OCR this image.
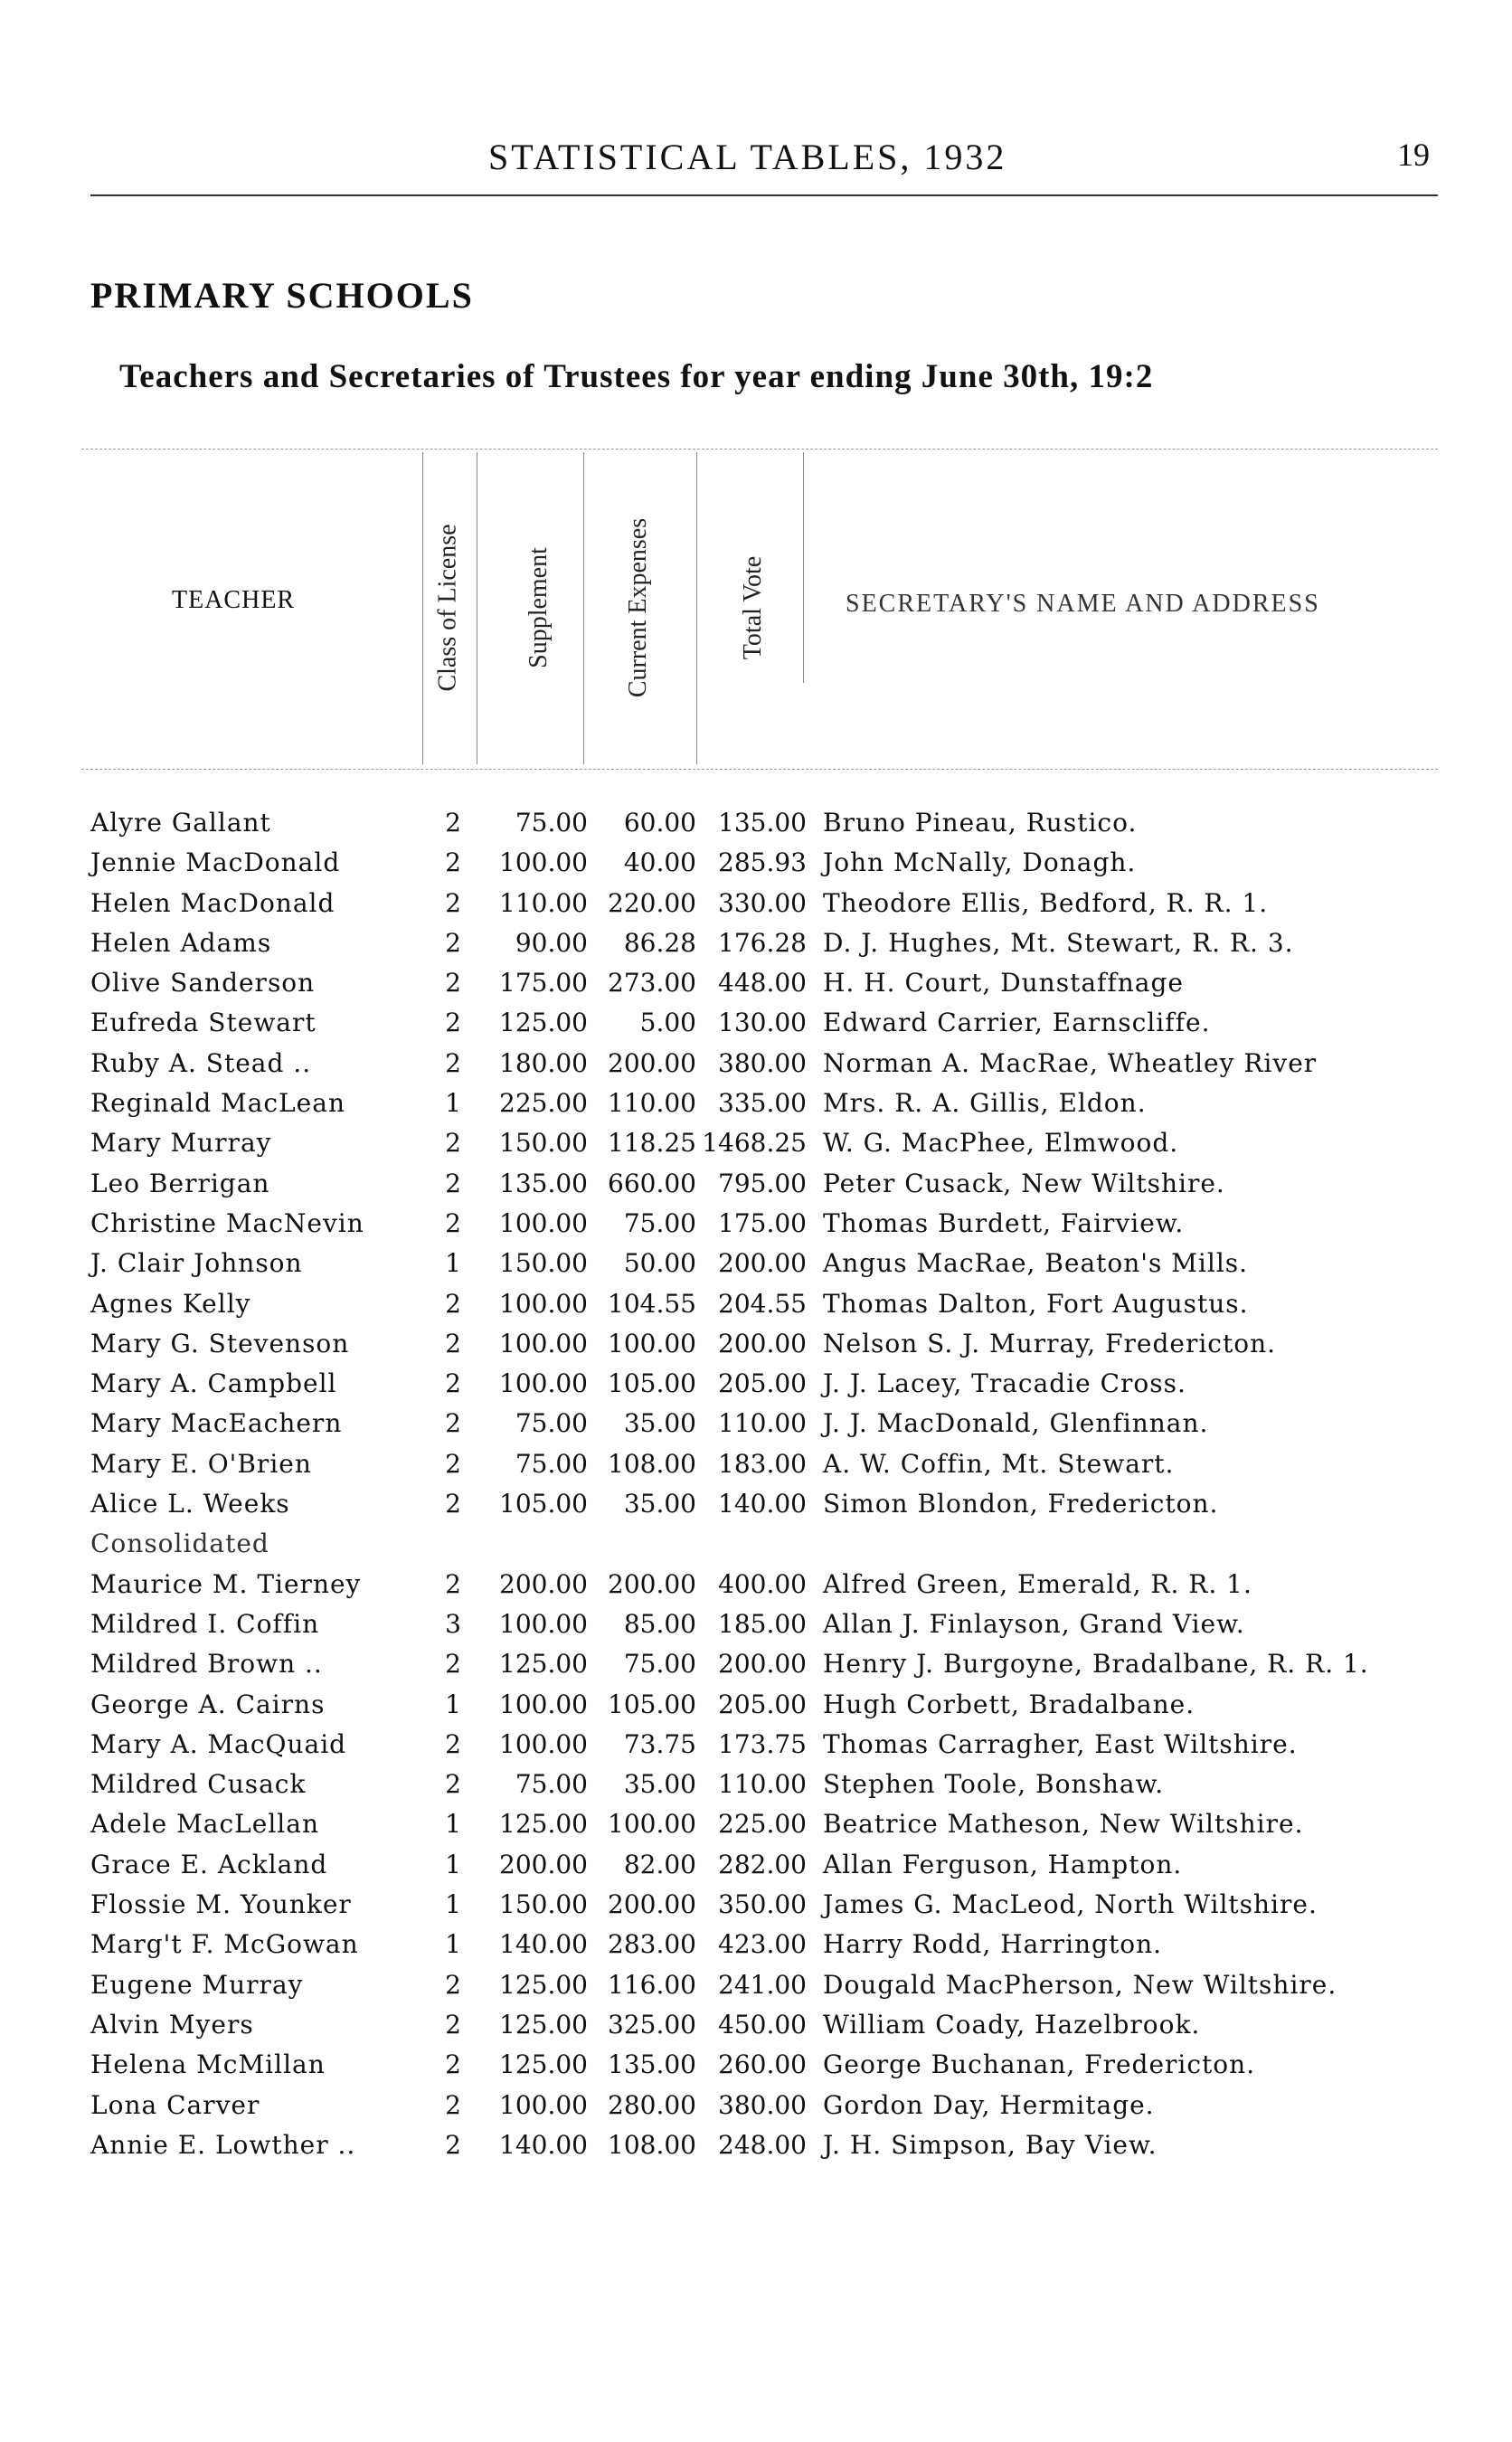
STATISTICAL TABLES, 1932	19
PRIMARY SCHOOLS
Teachers and Secretaries of Trustees for year ending June 30th, 19:2
TEACHER	Class of License Supplement	Current Expenses	Total Vote	SECRETARY'S NAME AND ADDRESS
Alyre Gallant	2	75.00	60.00 135.00 Bruno Pineau, Rustico.
Jennie MacDonald	2	100.00	40.00 285.93 John McNally, Donagh.
Helen MacDonald	2	110.00 220.00 330.00 Theodore Ellis, Bedford, R. R. 1.
Helen Adams	2	90.00	86.28 176.28 D. J. Hughes, Mt. Stewart, R. R. 3.
Olive Sanderson	2	175.00 273.00 448.00 H. H. Court, Dunstaffnage
Eufreda Stewart	2	125.00	5.00 130.00 Edward Carrier, Earnscliffe.
Ruby A. Stead ..	2	180.00 200.00 380.00 Norman A. MacRae, Wheatley River
Reginald MacLean	1	225.00 110.00 335.00 Mrs. R. A. Gillis, Eldon.
Mary Murray	2	150.00 118.25 1468.25 W. G. MacPhee, Elmwood.
Leo Berrigan	2	135.00 660.00 795.00 Peter Cusack, New Wiltshire.
Christine MacNevin	2	100.00	75.00 175.00 Thomas Burdett, Fairview.
J. Clair Johnson	1	150.00	50.00 200.00 Angus MacRae, Beaton's Mills.
Agnes Kelly	2	100.00 104.55 204.55 Thomas Dalton, Fort Augustus.
Mary G. Stevenson	2	100.00 100.00 200.00 Nelson S. J. Murray, Fredericton.
Mary A. Campbell	2	100.00 105.00 205.00 J. J. Lacey, Tracadie Cross.
Mary MacEachern	2	75.00	35.00 110.00 J. J. MacDonald, Glenfinnan.
Mary E. O'Brien	2	75.00 108.00 183.00 A. W. Coffin, Mt. Stewart.
Alice L. Weeks	2	105.00	35.00 140.00 Simon Blondon, Fredericton.
Consolidated
Maurice M. Tierney	2	200.00 200.00 400.00 Alfred Green, Emerald, R. R. 1.
Mildred I. Coffin	3	100.00	85.00 185.00 Allan J. Finlayson, Grand View.
Mildred Brown ..	2	125.00	75.00 200.00 Henry J. Burgoyne, Bradalbane, R. R. 1.
George A. Cairns	1	100.00 105.00 205.00 Hugh Corbett, Bradalbane.
Mary A. MacQuaid	2	100.00	73.75 173.75 Thomas Carragher, East Wiltshire.
Mildred Cusack	2	75.00	35.00 110.00 Stephen Toole, Bonshaw.
Adele MacLellan	1	125.00 100.00 225.00 Beatrice Matheson, New Wiltshire.
Grace E. Ackland	1	200.00	82.00 282.00 Allan Ferguson, Hampton.
Flossie M. Younker	1	150.00 200.00 350.00 James G. MacLeod, North Wiltshire.
Marg't F. McGowan	1	140.00 283.00 423.00 Harry Rodd, Harrington.
Eugene Murray	2	125.00 116.00 241.00 Dougald MacPherson, New Wiltshire.
Alvin Myers	2	125.00 325.00 450.00 William Coady, Hazelbrook.
Helena McMillan	2	125.00 135.00 260.00 George Buchanan, Fredericton.
Lona Carver	2	100.00 280.00 380.00 Gordon Day, Hermitage.
Annie E. Lowther ..	2	140.00 108.00 248.00 J. H. Simpson, Bay View.
